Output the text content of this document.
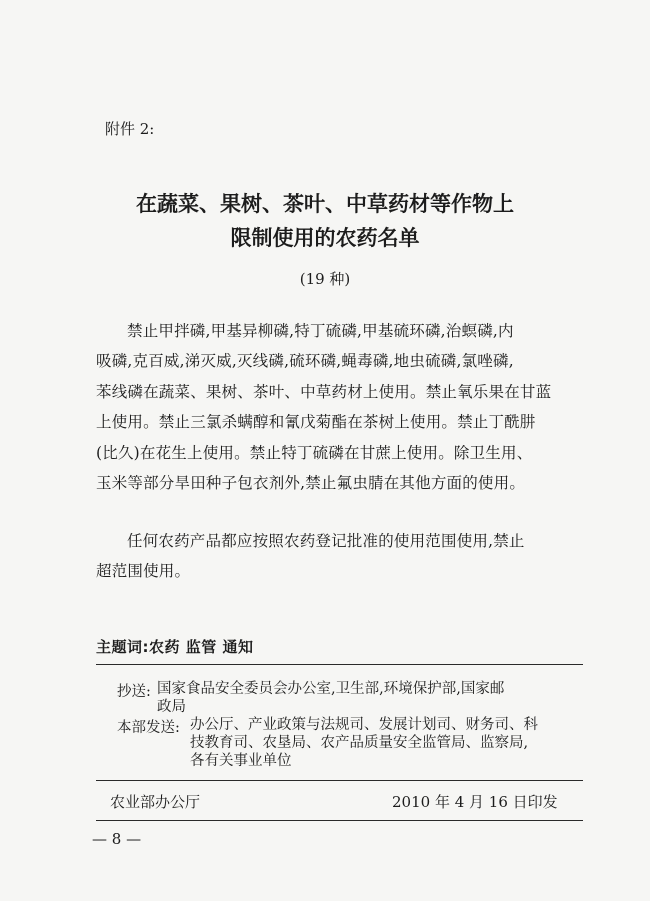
附件 2:
在蔬菜、果树、茶叶、中草药材等作物上
限制使用的农药名单
(19 种)
禁止甲拌磷,甲基异柳磷,特丁硫磷,甲基硫环磷,治螟磷,内
吸磷,克百威,涕灭威,灭线磷,硫环磷,蝇毒磷,地虫硫磷,氯唑磷,
苯线磷在蔬菜、果树、茶叶、中草药材上使用。禁止氧乐果在甘蓝
上使用。禁止三氯杀螨醇和氰戊菊酯在茶树上使用。禁止丁酰肼
(比久)在花生上使用。禁止特丁硫磷在甘蔗上使用。除卫生用、
玉米等部分旱田种子包衣剂外,禁止氟虫腈在其他方面的使用。
任何农药产品都应按照农药登记批准的使用范围使用,禁止
超范围使用。
主题词:农药 监管 通知
抄送: 国家食品安全委员会办公室,卫生部,环境保护部,国家邮
政局
本部发送: 办公厅、产业政策与法规司、发展计划司、财务司、科
技教育司、农垦局、农产品质量安全监管局、监察局,
各有关事业单位
农业部办公厅	2010 年 4 月 16 日印发
— 8 —
